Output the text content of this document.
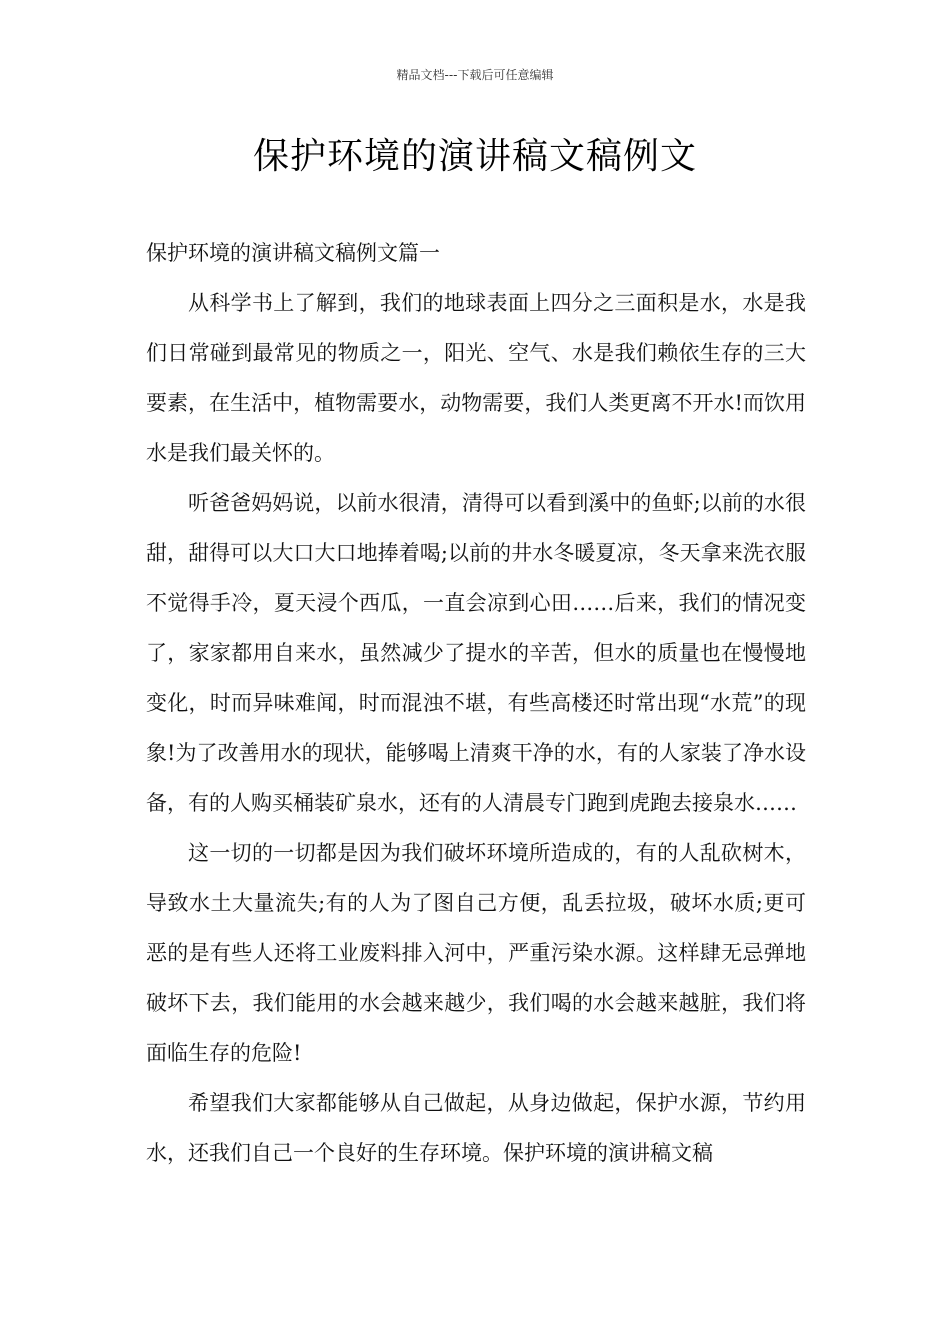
精品文档---下载后可任意编辑
保护环境的演讲稿文稿例文

保护环境的演讲稿文稿例文篇一

从科学书上了解到，我们的地球表面上四分之三面积是水，水是我们日常碰到最常见的物质之一，阳光、空气、水是我们赖依生存的三大要素，在生活中，植物需要水，动物需要，我们人类更离不开水!而饮用水是我们最关怀的。

听爸爸妈妈说，以前水很清，清得可以看到溪中的鱼虾;以前的水很甜，甜得可以大口大口地捧着喝;以前的井水冬暖夏凉，冬天拿来洗衣服不觉得手冷，夏天浸个西瓜，一直会凉到心田……后来，我们的情况变了，家家都用自来水，虽然减少了提水的辛苦，但水的质量也在慢慢地变化，时而异味难闻，时而混浊不堪，有些高楼还时常出现“水荒”的现象!为了改善用水的现状，能够喝上清爽干净的水，有的人家装了净水设备，有的人购买桶装矿泉水，还有的人清晨专门跑到虎跑去接泉水……

这一切的一切都是因为我们破坏环境所造成的，有的人乱砍树木，导致水土大量流失;有的人为了图自己方便，乱丢拉圾，破坏水质;更可恶的是有些人还将工业废料排入河中，严重污染水源。这样肆无忌弹地破坏下去，我们能用的水会越来越少，我们喝的水会越来越脏，我们将面临生存的危险!

希望我们大家都能够从自己做起，从身边做起，保护水源，节约用水，还我们自己一个良好的生存环境。保护环境的演讲稿文稿
